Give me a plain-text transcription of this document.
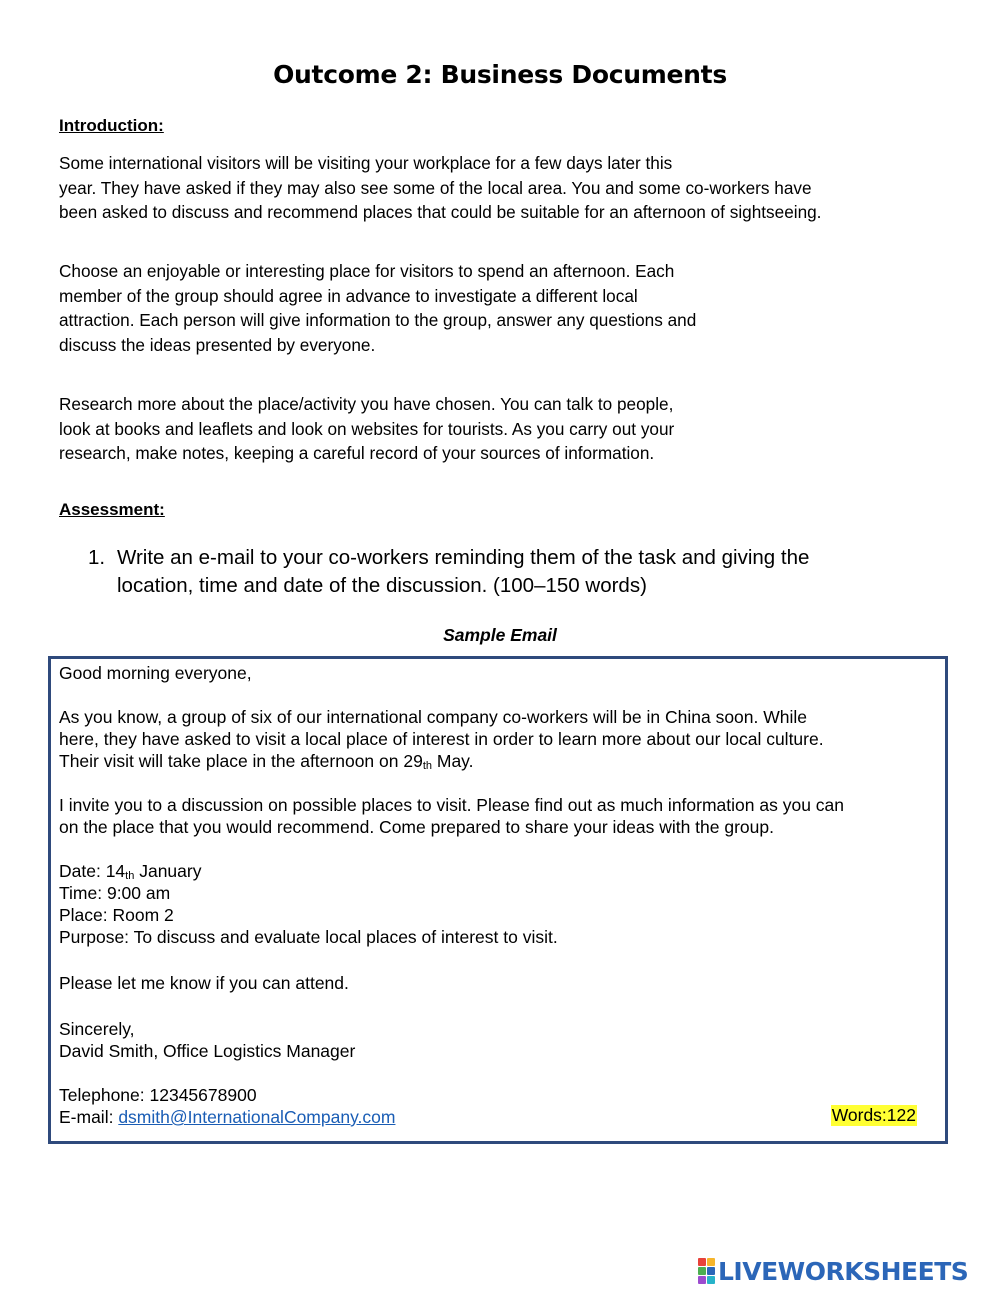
Outcome 2: Business Documents
Introduction:
Some international visitors will be visiting your workplace for a few days later this
year. They have asked if they may also see some of the local area. You and some co-workers have
been asked to discuss and recommend places that could be suitable for an afternoon of sightseeing.
Choose an enjoyable or interesting place for visitors to spend an afternoon. Each
member of the group should agree in advance to investigate a different local
attraction. Each person will give information to the group, answer any questions and
discuss the ideas presented by everyone.
Research more about the place/activity you have chosen. You can talk to people,
look at books and leaflets and look on websites for tourists. As you carry out your
research, make notes, keeping a careful record of your sources of information.
Assessment:
1. Write an e-mail to your co-workers reminding them of the task and giving the
location, time and date of the discussion. (100–150 words)
Sample Email
Good morning everyone,
As you know, a group of six of our international company co-workers will be in China soon. While
here, they have asked to visit a local place of interest in order to learn more about our local culture.
Their visit will take place in the afternoon on 29th May.
I invite you to a discussion on possible places to visit. Please find out as much information as you can
on the place that you would recommend. Come prepared to share your ideas with the group.
Date: 14th January
Time: 9:00 am
Place: Room 2
Purpose: To discuss and evaluate local places of interest to visit.
Please let me know if you can attend.
Sincerely,
David Smith, Office Logistics Manager
Telephone: 12345678900
E-mail: dsmith@InternationalCompany.com	Words:122
LIVEWORKSHEETS
